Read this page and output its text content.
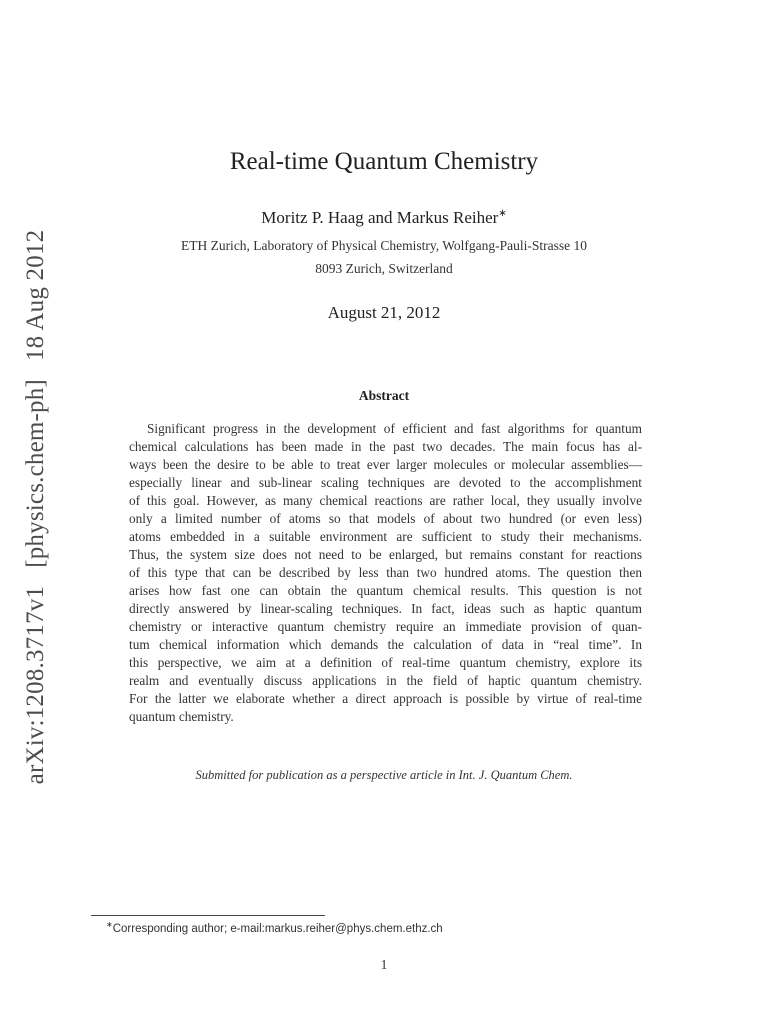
arXiv:1208.3717v1[physics.chem-ph]18 Aug 2012
Real-time Quantum Chemistry
Moritz P. Haag and Markus Reiher∗
ETH Zurich, Laboratory of Physical Chemistry, Wolfgang-Pauli-Strasse 10
8093 Zurich, Switzerland
August 21, 2012
Abstract
Significant progress in the development of efficient and fast algorithms for quantum
chemical calculations has been made in the past two decades. The main focus has al-
ways been the desire to be able to treat ever larger molecules or molecular assemblies—
especially linear and sub-linear scaling techniques are devoted to the accomplishment
of this goal. However, as many chemical reactions are rather local, they usually involve
only a limited number of atoms so that models of about two hundred (or even less)
atoms embedded in a suitable environment are sufficient to study their mechanisms.
Thus, the system size does not need to be enlarged, but remains constant for reactions
of this type that can be described by less than two hundred atoms. The question then
arises how fast one can obtain the quantum chemical results. This question is not
directly answered by linear-scaling techniques. In fact, ideas such as haptic quantum
chemistry or interactive quantum chemistry require an immediate provision of quan-
tum chemical information which demands the calculation of data in “real time”. In
this perspective, we aim at a definition of real-time quantum chemistry, explore its
realm and eventually discuss applications in the field of haptic quantum chemistry.
For the latter we elaborate whether a direct approach is possible by virtue of real-time
quantum chemistry.
Submitted for publication as a perspective article in Int. J. Quantum Chem.
∗Corresponding author; e-mail:markus.reiher@phys.chem.ethz.ch
1
